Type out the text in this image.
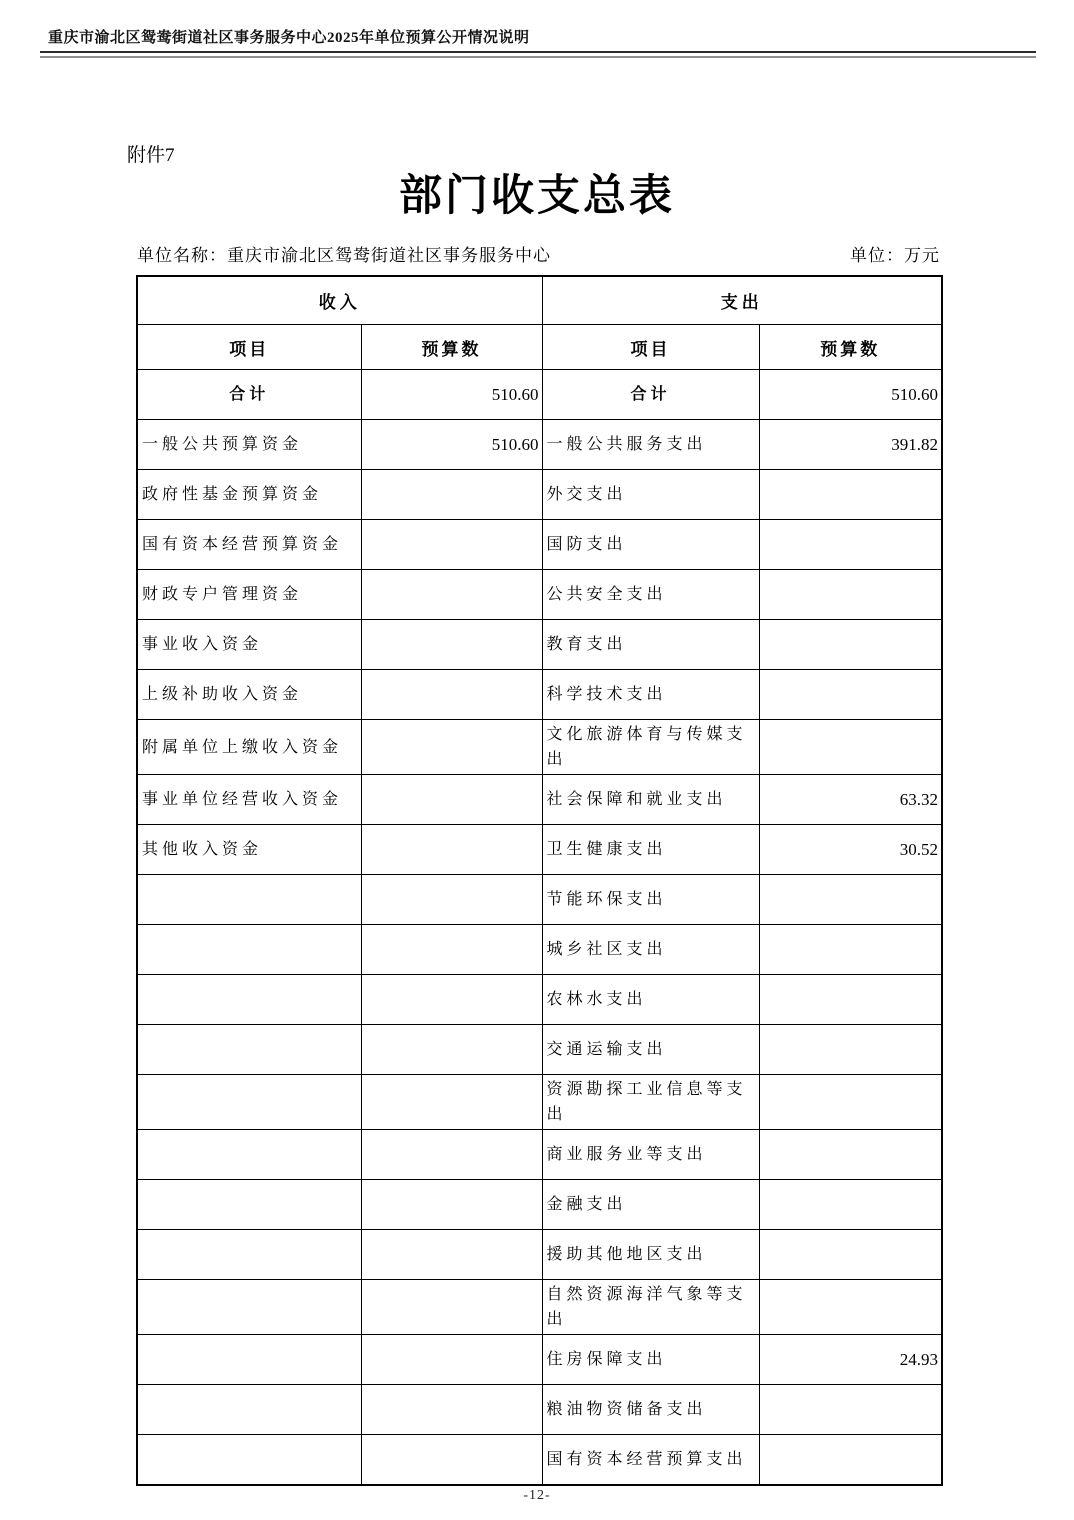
重庆市渝北区鸳鸯街道社区事务服务中心2025年单位预算公开情况说明
附件7
部门收支总表
单位名称：重庆市渝北区鸳鸯街道社区事务服务中心	单位：万元
收入		支出	
项目	预算数	项目	预算数
合计	510.60	合计	510.60
一般公共预算资金	510.60	一般公共服务支出	391.82
政府性基金预算资金		外交支出	
国有资本经营预算资金		国防支出	
财政专户管理资金		公共安全支出	
事业收入资金		教育支出	
上级补助收入资金		科学技术支出	
附属单位上缴收入资金		文化旅游体育与传媒支出	
事业单位经营收入资金		社会保障和就业支出	63.32
其他收入资金		卫生健康支出	30.52
		节能环保支出	
		城乡社区支出	
		农林水支出	
		交通运输支出	
		资源勘探工业信息等支出	
		商业服务业等支出	
		金融支出	
		援助其他地区支出	
		自然资源海洋气象等支出	
		住房保障支出	24.93
		粮油物资储备支出	
		国有资本经营预算支出	
-12-
